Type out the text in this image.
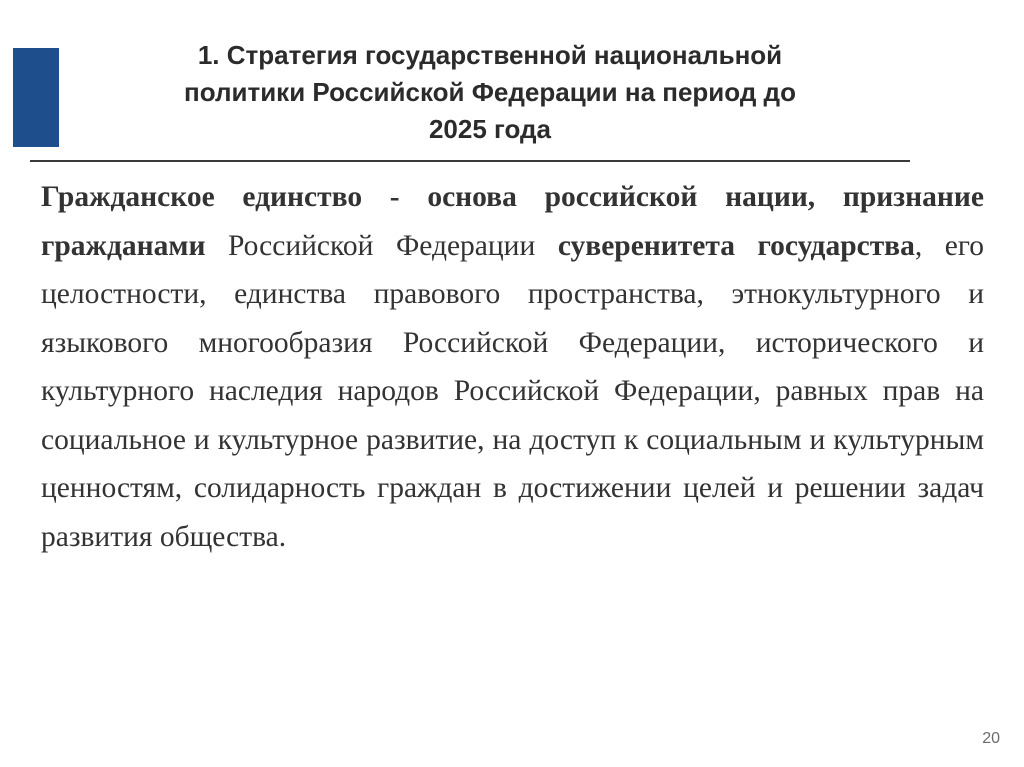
1. Стратегия государственной национальной
политики Российской Федерации на период до
2025 года

Гражданское единство - основа российской нации, признание гражданами Российской Федерации суверенитета государства, его целостности, единства правового пространства, этнокультурного и языкового многообразия Российской Федерации, исторического и культурного наследия народов Российской Федерации, равных прав на социальное и культурное развитие, на доступ к социальным и культурным ценностям, солидарность граждан в достижении целей и решении задач развития общества.

20
